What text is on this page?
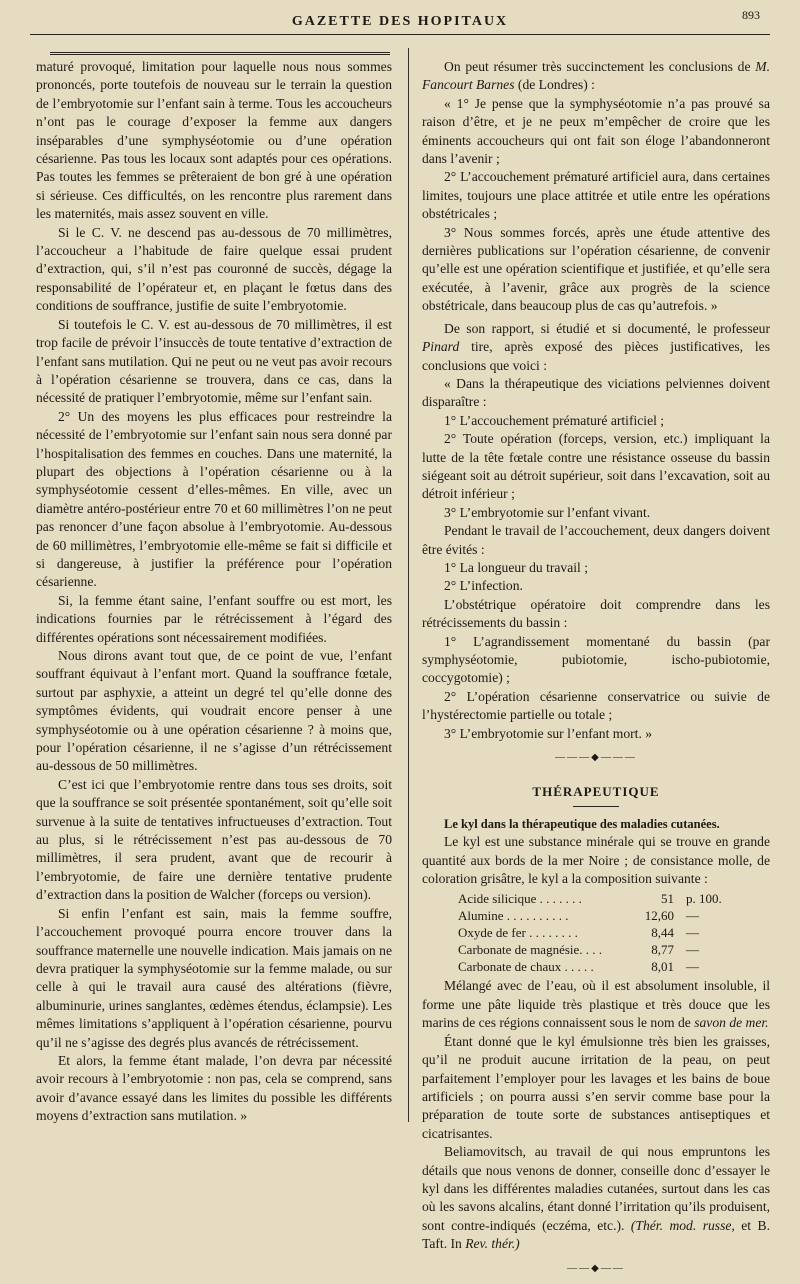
GAZETTE DES HOPITAUX	893

maturé provoqué, limitation pour laquelle nous nous sommes prononcés, porte toutefois de nouveau sur le terrain la question de l’embryotomie sur l’enfant sain à terme. Tous les accoucheurs n’ont pas le courage d’exposer la femme aux dangers inséparables d’une symphyséotomie ou d’une opération césarienne. Pas tous les locaux sont adaptés pour ces opérations. Pas toutes les femmes se prêteraient de bon gré à une opération si sérieuse. Ces difficultés, on les rencontre plus rarement dans les maternités, mais assez souvent en ville.

Si le C. V. ne descend pas au-dessous de 70 millimètres, l’accoucheur a l’habitude de faire quelque essai prudent d’extraction, qui, s’il n’est pas couronné de succès, dégage la responsabilité de l’opérateur et, en plaçant le fœtus dans des conditions de souffrance, justifie de suite l’embryotomie.

Si toutefois le C. V. est au-dessous de 70 millimètres, il est trop facile de prévoir l’insuccès de toute tentative d’extraction de l’enfant sans mutilation. Qui ne peut ou ne veut pas avoir recours à l’opération césarienne se trouvera, dans ce cas, dans la nécessité de pratiquer l’embryotomie, même sur l’enfant sain.

2° Un des moyens les plus efficaces pour restreindre la nécessité de l’embryotomie sur l’enfant sain nous sera donné par l’hospitalisation des femmes en couches. Dans une maternité, la plupart des objections à l’opération césarienne ou à la symphyséotomie cessent d’elles-mêmes. En ville, avec un diamètre antéro-postérieur entre 70 et 60 millimètres l’on ne peut pas renoncer d’une façon absolue à l’embryotomie. Au-dessous de 60 millimètres, l’embryotomie elle-même se fait si difficile et si dangereuse, à justifier la préférence pour l’opération césarienne.

Si, la femme étant saine, l’enfant souffre ou est mort, les indications fournies par le rétrécissement à l’égard des différentes opérations sont nécessairement modifiées.

Nous dirons avant tout que, de ce point de vue, l’enfant souffrant équivaut à l’enfant mort. Quand la souffrance fœtale, surtout par asphyxie, a atteint un degré tel qu’elle donne des symptômes évidents, qui voudrait encore penser à une symphyséotomie ou à une opération césarienne ? à moins que, pour l’opération césarienne, il ne s’agisse d’un rétrécissement au-dessous de 50 millimètres.

C’est ici que l’embryotomie rentre dans tous ses droits, soit que la souffrance se soit présentée spontanément, soit qu’elle soit survenue à la suite de tentatives infructueuses d’extraction. Tout au plus, si le rétrécissement n’est pas au-dessous de 70 millimètres, il sera prudent, avant que de recourir à l’embryotomie, de faire une dernière tentative prudente d’extraction dans la position de Walcher (forceps ou version).

Si enfin l’enfant est sain, mais la femme souffre, l’accouchement provoqué pourra encore trouver dans la souffrance maternelle une nouvelle indication. Mais jamais on ne devra pratiquer la symphyséotomie sur la femme malade, ou sur celle à qui le travail aura causé des altérations (fièvre, albuminurie, urines sanglantes, œdèmes étendus, éclampsie). Les mêmes limitations s’appliquent à l’opération césarienne, pourvu qu’il ne s’agisse des degrés plus avancés de rétrécissement.

Et alors, la femme étant malade, l’on devra par nécessité avoir recours à l’embryotomie : non pas, cela se comprend, sans avoir d’avance essayé dans les limites du possible les différents moyens d’extraction sans mutilation. »

On peut résumer très succinctement les conclusions de M. Fancourt Barnes (de Londres) :

« 1° Je pense que la symphyséotomie n’a pas prouvé sa raison d’être, et je ne peux m’empêcher de croire que les éminents accoucheurs qui ont fait son éloge l’abandonneront dans l’avenir ;

2° L’accouchement prématuré artificiel aura, dans certaines limites, toujours une place attitrée et utile entre les opérations obstétricales ;

3° Nous sommes forcés, après une étude attentive des dernières publications sur l’opération césarienne, de convenir qu’elle est une opération scientifique et justifiée, et qu’elle sera exécutée, à l’avenir, grâce aux progrès de la science obstétricale, dans beaucoup plus de cas qu’autrefois. »

De son rapport, si étudié et si documenté, le professeur Pinard tire, après exposé des pièces justificatives, les conclusions que voici :

« Dans la thérapeutique des viciations pelviennes doivent disparaître :

1° L’accouchement prématuré artificiel ;

2° Toute opération (forceps, version, etc.) impliquant la lutte de la tête fœtale contre une résistance osseuse du bassin siégeant soit au détroit supérieur, soit dans l’excavation, soit au détroit inférieur ;

3° L’embryotomie sur l’enfant vivant.

Pendant le travail de l’accouchement, deux dangers doivent être évités :

1° La longueur du travail ;

2° L’infection.

L’obstétrique opératoire doit comprendre dans les rétrécissements du bassin :

1° L’agrandissement momentané du bassin (par symphyséotomie, pubiotomie, ischo-pubiotomie, coccygotomie) ;

2° L’opération césarienne conservatrice ou suivie de l’hystérectomie partielle ou totale ;

3° L’embryotomie sur l’enfant mort. »

———◆———
THÉRAPEUTIQUE

Le kyl dans la thérapeutique des maladies cutanées.

Le kyl est une substance minérale qui se trouve en grande quantité aux bords de la mer Noire ; de consistance molle, de coloration grisâtre, le kyl a la composition suivante :

Acide silicique . . . . . . .	51	p. 100.
Alumine . . . . . . . . . .	12,60	—
Oxyde de fer . . . . . . . .	8,44	—
Carbonate de magnésie. . . .	8,77	—
Carbonate de chaux . . . . .	8,01	—

Mélangé avec de l’eau, où il est absolument insoluble, il forme une pâte liquide très plastique et très douce que les marins de ces régions connaissent sous le nom de savon de mer.

Étant donné que le kyl émulsionne très bien les graisses, qu’il ne produit aucune irritation de la peau, on peut parfaitement l’employer pour les lavages et les bains de boue artificiels ; on pourra aussi s’en servir comme base pour la préparation de toute sorte de substances antiseptiques et cicatrisantes.

Beliamovitsch, au travail de qui nous empruntons les détails que nous venons de donner, conseille donc d’essayer le kyl dans les différentes maladies cutanées, surtout dans les cas où les savons alcalins, étant donné l’irritation qu’ils produisent, sont contre-indiqués (eczéma, etc.). (Thér. mod. russe, et B. Taft. In Rev. thér.)

——◆——
